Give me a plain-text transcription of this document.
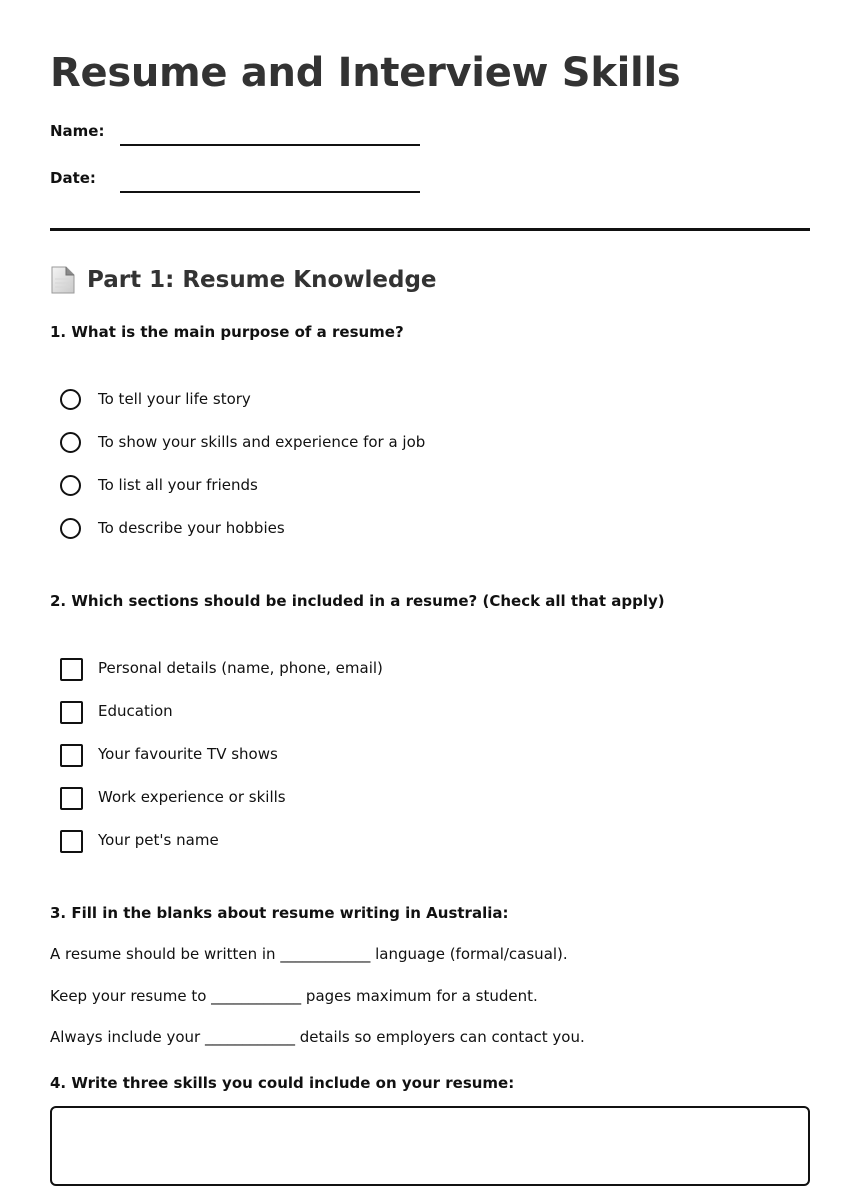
Resume and Interview Skills
Name:
Date:
Part 1: Resume Knowledge
1. What is the main purpose of a resume?
To tell your life story
To show your skills and experience for a job
To list all your friends
To describe your hobbies
2. Which sections should be included in a resume? (Check all that apply)
Personal details (name, phone, email)
Education
Your favourite TV shows
Work experience or skills
Your pet's name
3. Fill in the blanks about resume writing in Australia:
A resume should be written in ____________ language (formal/casual).
Keep your resume to ____________ pages maximum for a student.
Always include your ____________ details so employers can contact you.
4. Write three skills you could include on your resume:
